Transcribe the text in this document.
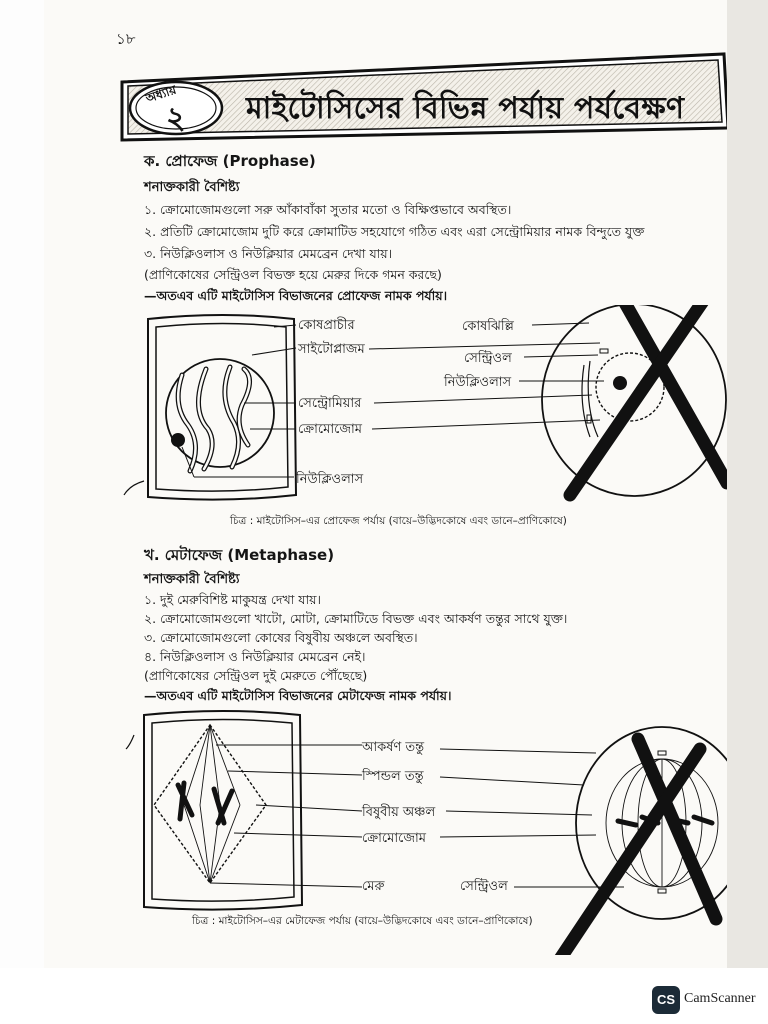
১৮
অধ্যায়
২ মাইটোসিসের বিভিন্ন পর্যায় পর্যবেক্ষণ
ক. প্রোফেজ (Prophase)
শনাক্তকারী বৈশিষ্ট্য
১. ক্রোমোজোমগুলো সরু আঁকাবাঁকা সুতার মতো ও বিক্ষিপ্তভাবে অবস্থিত।
২. প্রতিটি ক্রোমোজোম দুটি করে ক্রোমাটিড সহযোগে গঠিত এবং এরা সেন্ট্রোমিয়ার নামক বিন্দুতে যুক্ত
৩. নিউক্লিওলাস ও নিউক্লিয়ার মেমব্রেন দেখা যায়।
(প্রাণিকোষের সেন্ট্রিওল বিভক্ত হয়ে মেরুর দিকে গমন করছে)
—অতএব এটি মাইটোসিস বিভাজনের প্রোফেজ নামক পর্যায়।
কোষপ্রাচীর
সাইটোপ্লাজম
সেন্ট্রোমিয়ার
ক্রোমোজোম
নিউক্লিওলাস
কোষঝিল্লি
সেন্ট্রিওল
নিউক্লিওলাস
চিত্র : মাইটোসিস–এর প্রোফেজ পর্যায় (বায়ে–উদ্ভিদকোষে এবং ডানে–প্রাণিকোষে)
খ. মেটাফেজ (Metaphase)
শনাক্তকারী বৈশিষ্ট্য
১. দুই মেরুবিশিষ্ট মাকুযন্ত্র দেখা যায়।
২. ক্রোমোজোমগুলো খাটো, মোটা, ক্রোমাটিডে বিভক্ত এবং আকর্ষণ তন্তুর সাথে যুক্ত।
৩. ক্রোমোজোমগুলো কোষের বিষুবীয় অঞ্চলে অবস্থিত।
৪. নিউক্লিওলাস ও নিউক্লিয়ার মেমব্রেন নেই।
(প্রাণিকোষের সেন্ট্রিওল দুই মেরুতে পৌঁছেছে)
—অতএব এটি মাইটোসিস বিভাজনের মেটাফেজ নামক পর্যায়।
আকর্ষণ তন্তু
স্পিন্ডল তন্তু
বিষুবীয় অঞ্চল
ক্রোমোজোম
মেরু	সেন্ট্রিওল
চিত্র : মাইটোসিস–এর মেটাফেজ পর্যায় (বায়ে–উদ্ভিদকোষে এবং ডানে–প্রাণিকোষে)
CS CamScanner
